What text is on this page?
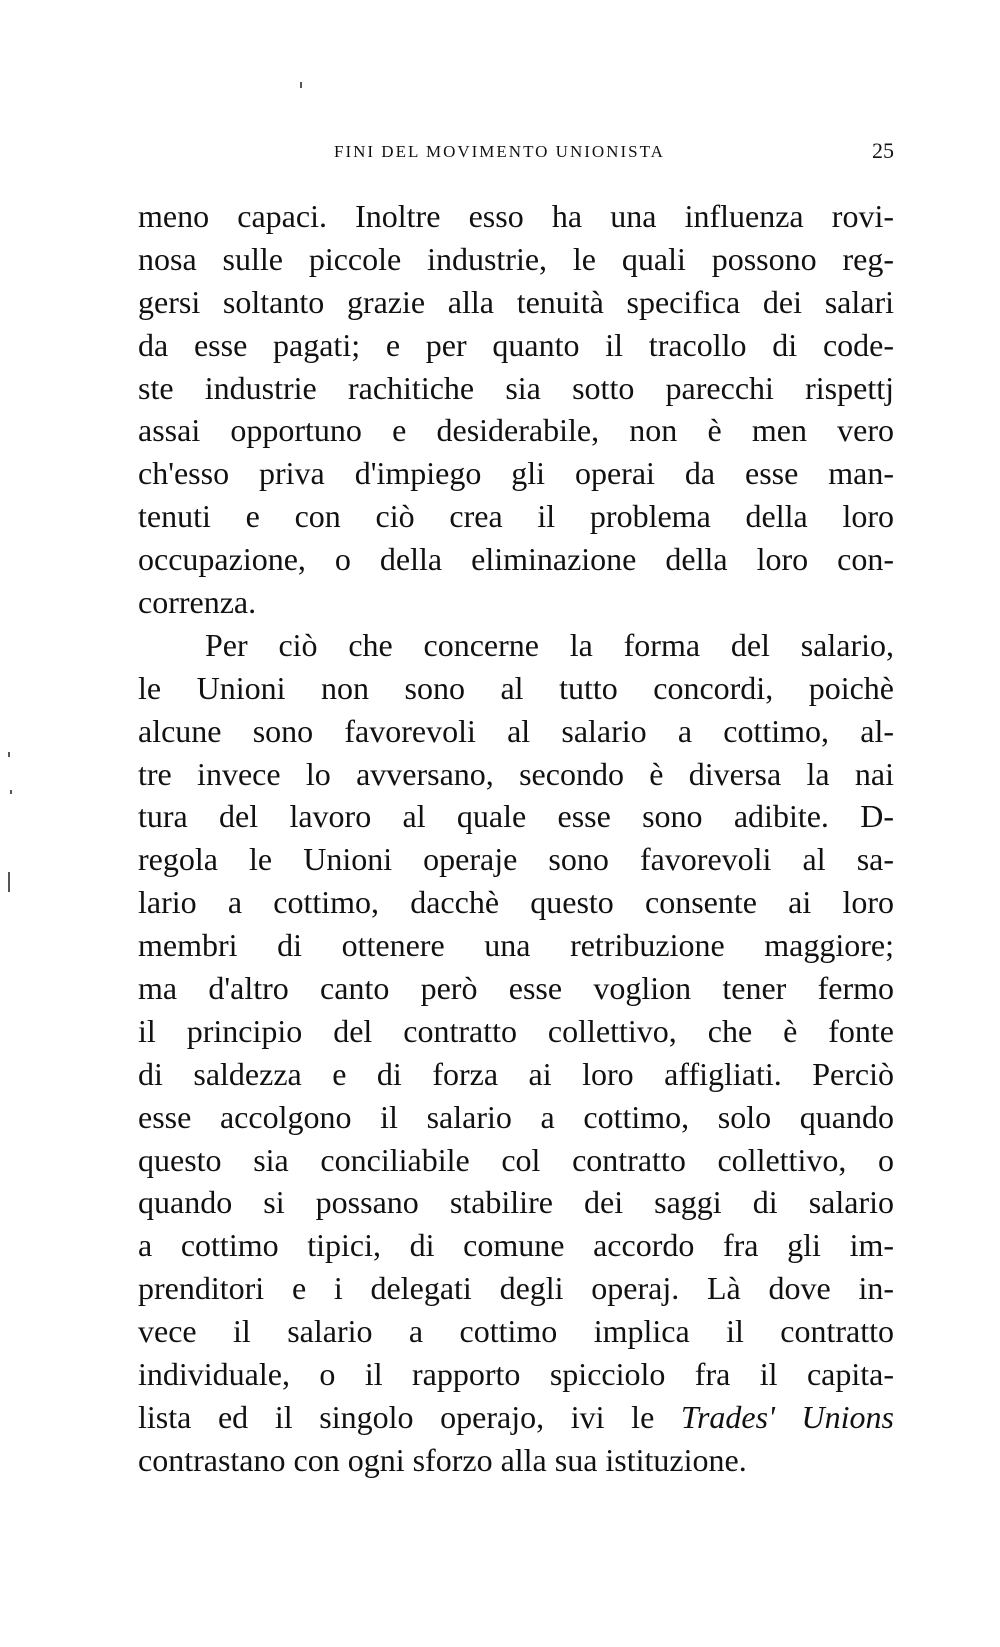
FINI DEL MOVIMENTO UNIONISTA	25
meno capaci. Inoltre esso ha una influenza rovi-
nosa sulle piccole industrie, le quali possono reg-
gersi soltanto grazie alla tenuità specifica dei salari
da esse pagati; e per quanto il tracollo di code-
ste industrie rachitiche sia sotto parecchi rispettj
assai opportuno e desiderabile, non è men vero
ch'esso priva d'impiego gli operai da esse man-
tenuti e con ciò crea il problema della loro
occupazione, o della eliminazione della loro con-
correnza.
Per ciò che concerne la forma del salario,
le Unioni non sono al tutto concordi, poichè
alcune sono favorevoli al salario a cottimo, al-
tre invece lo avversano, secondo è diversa la nai
tura del lavoro al quale esse sono adibite. D-
regola le Unioni operaje sono favorevoli al sa-
lario a cottimo, dacchè questo consente ai loro
membri di ottenere una retribuzione maggiore;
ma d'altro canto però esse voglion tener fermo
il principio del contratto collettivo, che è fonte
di saldezza e di forza ai loro affigliati. Perciò
esse accolgono il salario a cottimo, solo quando
questo sia conciliabile col contratto collettivo, o
quando si possano stabilire dei saggi di salario
a cottimo tipici, di comune accordo fra gli im-
prenditori e i delegati degli operaj. Là dove in-
vece il salario a cottimo implica il contratto
individuale, o il rapporto spicciolo fra il capita-
lista ed il singolo operajo, ivi le Trades' Unions
contrastano con ogni sforzo alla sua istituzione.
